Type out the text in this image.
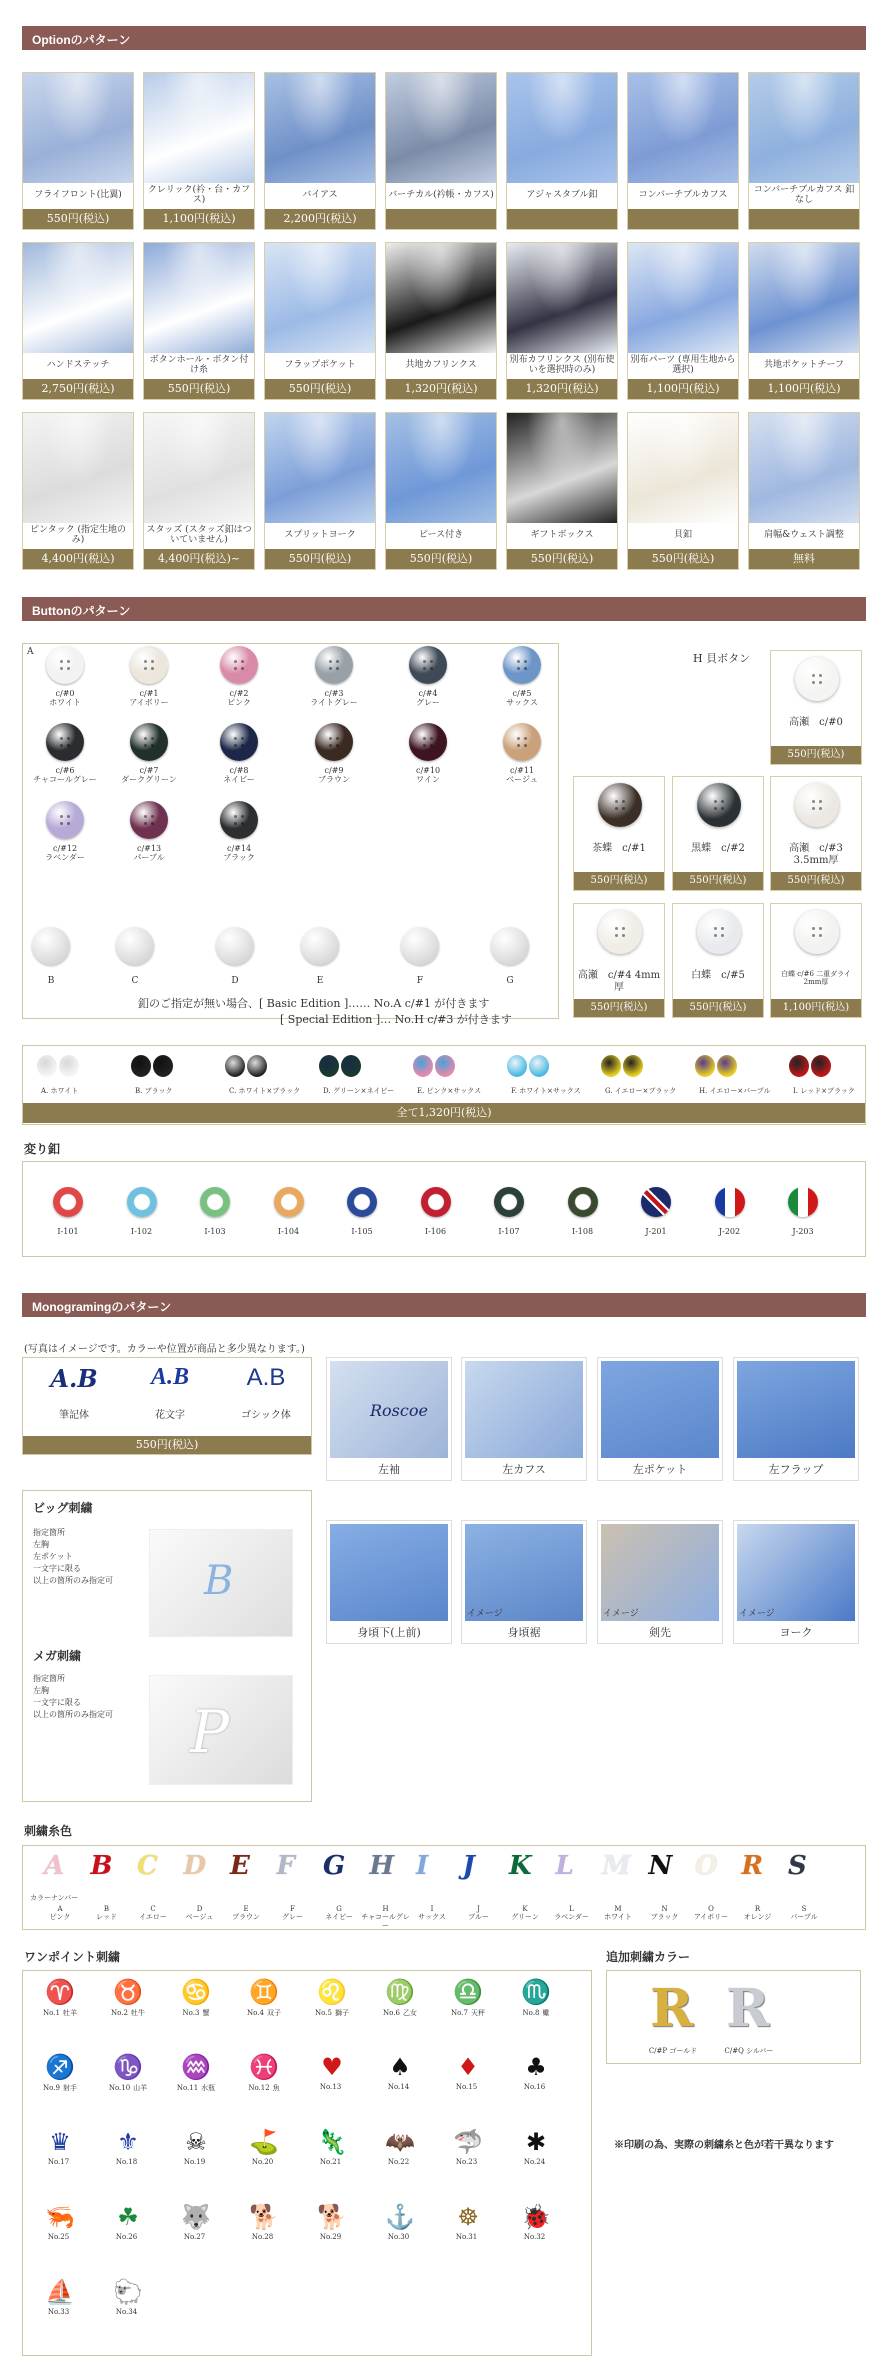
Optionのパターン
フライフロント(比翼)
550円(税込)
クレリック(衿・台・カフス)
1,100円(税込)
バイアス
2,200円(税込)
バーチカル(衿帳・カフス)	アジャスタブル釦	コンバーチブルカフス	コンバーチブルカフス 釦なし
ハンドステッチ
2,750円(税込)
ボタンホール・ボタン付け糸
550円(税込)
フラップポケット
550円(税込)
共地カフリンクス
1,320円(税込)
別布カフリンクス (別布使いを選択時のみ)
1,320円(税込)
別布パーツ (専用生地から選択)
1,100円(税込)
共地ポケットチーフ
1,100円(税込)
ピンタック (指定生地のみ)
4,400円(税込)
スタッズ (スタッズ釦はついていません)
4,400円(税込)~
スプリットヨーク
550円(税込)
ピース付き
550円(税込)
ギフトボックス
550円(税込)
貝釦
550円(税込)
肩幅&ウェスト調整
無料
Buttonのパターン
A
c/#0
ホワイト
c/#1
アイボリー
c/#2
ピンク
c/#3
ライトグレー
c/#4
グレー
c/#5
サックス
c/#6
チャコールグレー
c/#7
ダークグリーン
c/#8
ネイビー
c/#9
ブラウン
c/#10
ワイン
c/#11
ベージュ
c/#12
ラベンダー
c/#13
パープル
c/#14
ブラック
B	C	D	E	F	G
釦のご指定が無い場合、[ Basic Edition ]…… No.A c/#1 が付きます
[ Special Edition ]… No.H c/#3 が付きます
H 貝ボタン
高瀬　c/#0
550円(税込)
茶蝶　c/#1
550円(税込)
黒蝶　c/#2
550円(税込)
高瀬　c/#3 3.5mm厚
550円(税込)
高瀬　c/#4 4mm厚
550円(税込)
白蝶　c/#5
550円(税込)
白蝶 c/#6 二重ダライ2mm厚
1,100円(税込)
A. ホワイト	B. ブラック	C. ホワイト×ブラック	D. グリーン×ネイビー	E. ピンク×サックス	F. ホワイト×サックス	G. イエロー×ブラック	H. イエロー×パープル	I. レッド×ブラック
全て1,320円(税込)
変り釦
I-101	I-102	I-103	I-104	I-105	I-106	I-107	I-108	J-201	J-202	J-203
Monogramingのパターン
(写真はイメージです。カラーや位置が商品と多少異なります。)
A.B
筆記体
A.B
花文字
A.B
ゴシック体
550円(税込)
Roscoe
左袖	左カフス	左ポケット	左フラップ
身頃下(上前)
イメージ
身頃裾
イメージ
剣先
イメージ
ヨーク
ビッグ刺繍
指定箇所
左胸
左ポケット
一文字に限る
以上の箇所のみ指定可 B
メガ刺繍
指定箇所
左胸
一文字に限る
以上の箇所のみ指定可 P
刺繍糸色
カラーナンバー
A
A
ピンク
B
B
レッド
C
C
イエロー
D
D
ベージュ
E
E
ブラウン
F
F
グレー
G
G
ネイビー
H
H
チャコールグレー
I
I
サックス
J
J
ブルー
K
K
グリーン
L
L
ラベンダー
M
M
ホワイト
N
N
ブラック
O
O
アイボリー
R
R
オレンジ
S
S
パープル
ワンポイント刺繍
♈
No.1 牡羊
♉
No.2 牡牛
♋
No.3 蟹
♊
No.4 双子
♌
No.5 獅子
♍
No.6 乙女
♎
No.7 天秤
♏
No.8 蠍
♐
No.9 射手
♑
No.10 山羊
♒
No.11 水瓶
♓
No.12 魚
♥
No.13
♠
No.14
♦
No.15
♣
No.16
♛
No.17
⚜
No.18
☠
No.19
⛳
No.20
🦎
No.21
🦇
No.22
🦈
No.23
✱
No.24
🦐
No.25
☘
No.26
🐺
No.27
🐕
No.28
🐕
No.29
⚓
No.30
☸
No.31
🐞
No.32
⛵
No.33
🐑
No.34
追加刺繍カラー
R
C/#P ゴールド
R
C/#Q シルバー
※印刷の為、実際の刺繍糸と色が若干異なります
